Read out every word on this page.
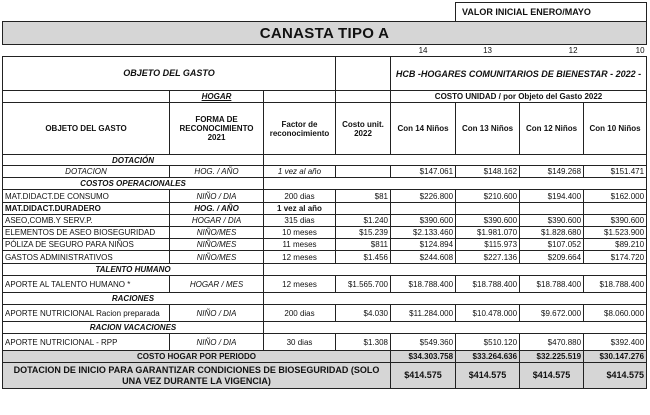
					VALOR INICIAL ENERO/MAYO		
CANASTA TIPO A							
				14	13	12	10
OBJETO DEL GASTO				HCB -HOGARES COMUNITARIOS DE BIENESTAR - 2022 -			
	HOGAR			COSTO UNIDAD / por Objeto del Gasto 2022			
OBJETO DEL GASTO	FORMA DE RECONOCIMIENTO 2021	Factor de reconocimiento	Costo unit. 2022	Con 14 Niños	Con 13 Niños	Con 12 Niños	Con 10 Niños
DOTACIÓN							
DOTACION	HOG. / AÑO	1 vez al año		$147.061	$148.162	$149.268	$151.471
COSTOS OPERACIONALES							
MAT.DIDACT.DE CONSUMO	NIÑO / DIA	200 dias	$81	$226.800	$210.600	$194.400	$162.000
MAT.DIDACT.DURADERO	HOG. / AÑO	1 vez al año					
ASEO,COMB.Y SERV.P.	HOGAR / DIA	315 dias	$1.240	$390.600	$390.600	$390.600	$390.600
ELEMENTOS DE ASEO BIOSEGURIDAD	NIÑO/MES	10 meses	$15.239	$2.133.460	$1.981.070	$1.828.680	$1.523.900
PÓLIZA DE SEGURO PARA NIÑOS	NIÑO/MES	11 meses	$811	$124.894	$115.973	$107.052	$89.210
GASTOS ADMINISTRATIVOS	NIÑO/MES	12 meses	$1.456	$244.608	$227.136	$209.664	$174.720
TALENTO HUMANO							
APORTE AL TALENTO HUMANO *	HOGAR / MES	12 meses	$1.565.700	$18.788.400	$18.788.400	$18.788.400	$18.788.400
RACIONES							
APORTE NUTRICIONAL Racion preparada	NIÑO / DIA	200 dias	$4.030	$11.284.000	$10.478.000	$9.672.000	$8.060.000
RACION VACACIONES							
APORTE NUTRICIONAL - RPP	NIÑO / DIA	30 dias	$1.308	$549.360	$510.120	$470.880	$392.400
COSTO HOGAR POR PERIODO				$34.303.758	$33.264.636	$32.225.519	$30.147.276
DOTACION DE INICIO PARA GARANTIZAR CONDICIONES DE BIOSEGURIDAD (SOLO UNA VEZ DURANTE LA VIGENCIA)				$414.575	$414.575	$414.575	$414.575
